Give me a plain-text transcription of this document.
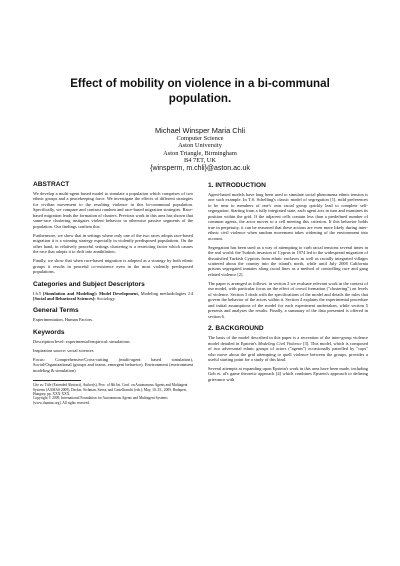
Effect of mobility on violence in a bi-communal population.
Michael Winsper Maria Chli
Computer Science
Aston University
Aston Triangle, Birmingham
B4 7ET, UK
{winsperm, m.chli}@aston.ac.uk
ABSTRACT

We develop a multi-agent based model to simulate a population which comprises of two ethnic groups and a peacekeeping force. We investigate the effects of different strategies for civilian movement to the resulting violence in this bi-communal population. Specifically, we compare and contrast random and race-based migration strategies. Race-based migration leads the formation of clusters. Previous work in this area has shown that same-race clustering instigates violent behavior in otherwise passive segments of the population. Our findings confirm this.

Furthermore, we show that in settings where only one of the two races adopts race-based migration it is a winning strategy especially in violently predisposed populations. On the other hand, in relatively peaceful settings clustering is a restricting factor which causes the race that adopts it to drift into annihilation.

Finally, we show that when race-based migration is adopted as a strategy by both ethnic groups it results in peaceful co-existence even in the most violently predisposed populations.

Categories and Subject Descriptors
I.6.5 [Simulation and Modeling]: Model Development, Modeling methodologies J.4 [Social and Behavioral Sciences]: Sociology.
General Terms

Experimentation, Human Factors.

Keywords

Description level: experimental/empirical: simulations

Inspiration source: social sciences

Focus: Comprehensive/Cross-cutting (multi-agent based simulation), Social/Organizational (groups and teams, emergent behavior), Environment (environment modeling & simulation)

Cite as: Title (Extended Abstract), Author(s), Proc. of 8th Int. Conf. on Autonomous Agents and Multiagent Systems (AAMAS 2009), Decker, Sichman, Sierra, and Castelfranchi (eds.), May, 10–15., 2009, Budapest, Hungary, pp. XXX-XXX.
Copyright © 2009, International Foundation for Autonomous Agents and Multiagent Systems (www.ifaamas.org). All rights reserved.
1. INTRODUCTION

Agent-based models have long been used to simulate social phenomena ethnic tension is one such example. In T.S. Schelling's classic model of segregation [1], mild preferences to be near to members of one's own racial group quickly lead to complete self-segregation. Starting from a fully integrated state, each agent acts in turn and examines its position within the grid. If the adjacent cells contain less than a predefined number of common agents, the actor moves to a cell meeting this criterion. If this behavior holds true in perpetuity, it can be reasoned that these actions are even more likely during inter-ethnic civil violence when random movement takes widening of the environment into account.

Segregation has been used as a way of attempting to curb racial tensions several times in the real world: the Turkish invasion of Cyprus in 1974 led to the widespread migration of dissatisfied Turkish Cypriots from ethnic enclaves as well as racially integrated villages scattered about the country into the island's north, while until July 2008 California prisons segregated inmates along racial lines as a method of controlling race and gang related violence [2].

The paper is arranged as follows: in section 2 we evaluate relevant work in the context of our model, with particular focus on the effect of crowd formation ("clustering") on levels of violence. Section 3 deals with the specifications of the model and details the rules that govern the behavior of the actors within it. Section 4 explains the experimental procedure and initial assumptions of the model for each experiment undertaken, while section 5 presents and analyses the results. Finally, a summary of the data presented is offered in section 6.

2. BACKGROUND

The basis of the model described in this paper is a recreation of the inter-group violence model detailed in Epstein's Modeling Civil Violence [3]. This model, which is composed of two adversarial ethnic groups of actors ("agents") occasionally patrolled by "cops" who move about the grid attempting to quell violence between the groups, provides a useful starting point for a study of this kind.

Several attempts at expanding upon Epstein's work in this area have been made, including Goh et. al's game theoretic approach [4] which combines Epstein's approach to defining grievance with
